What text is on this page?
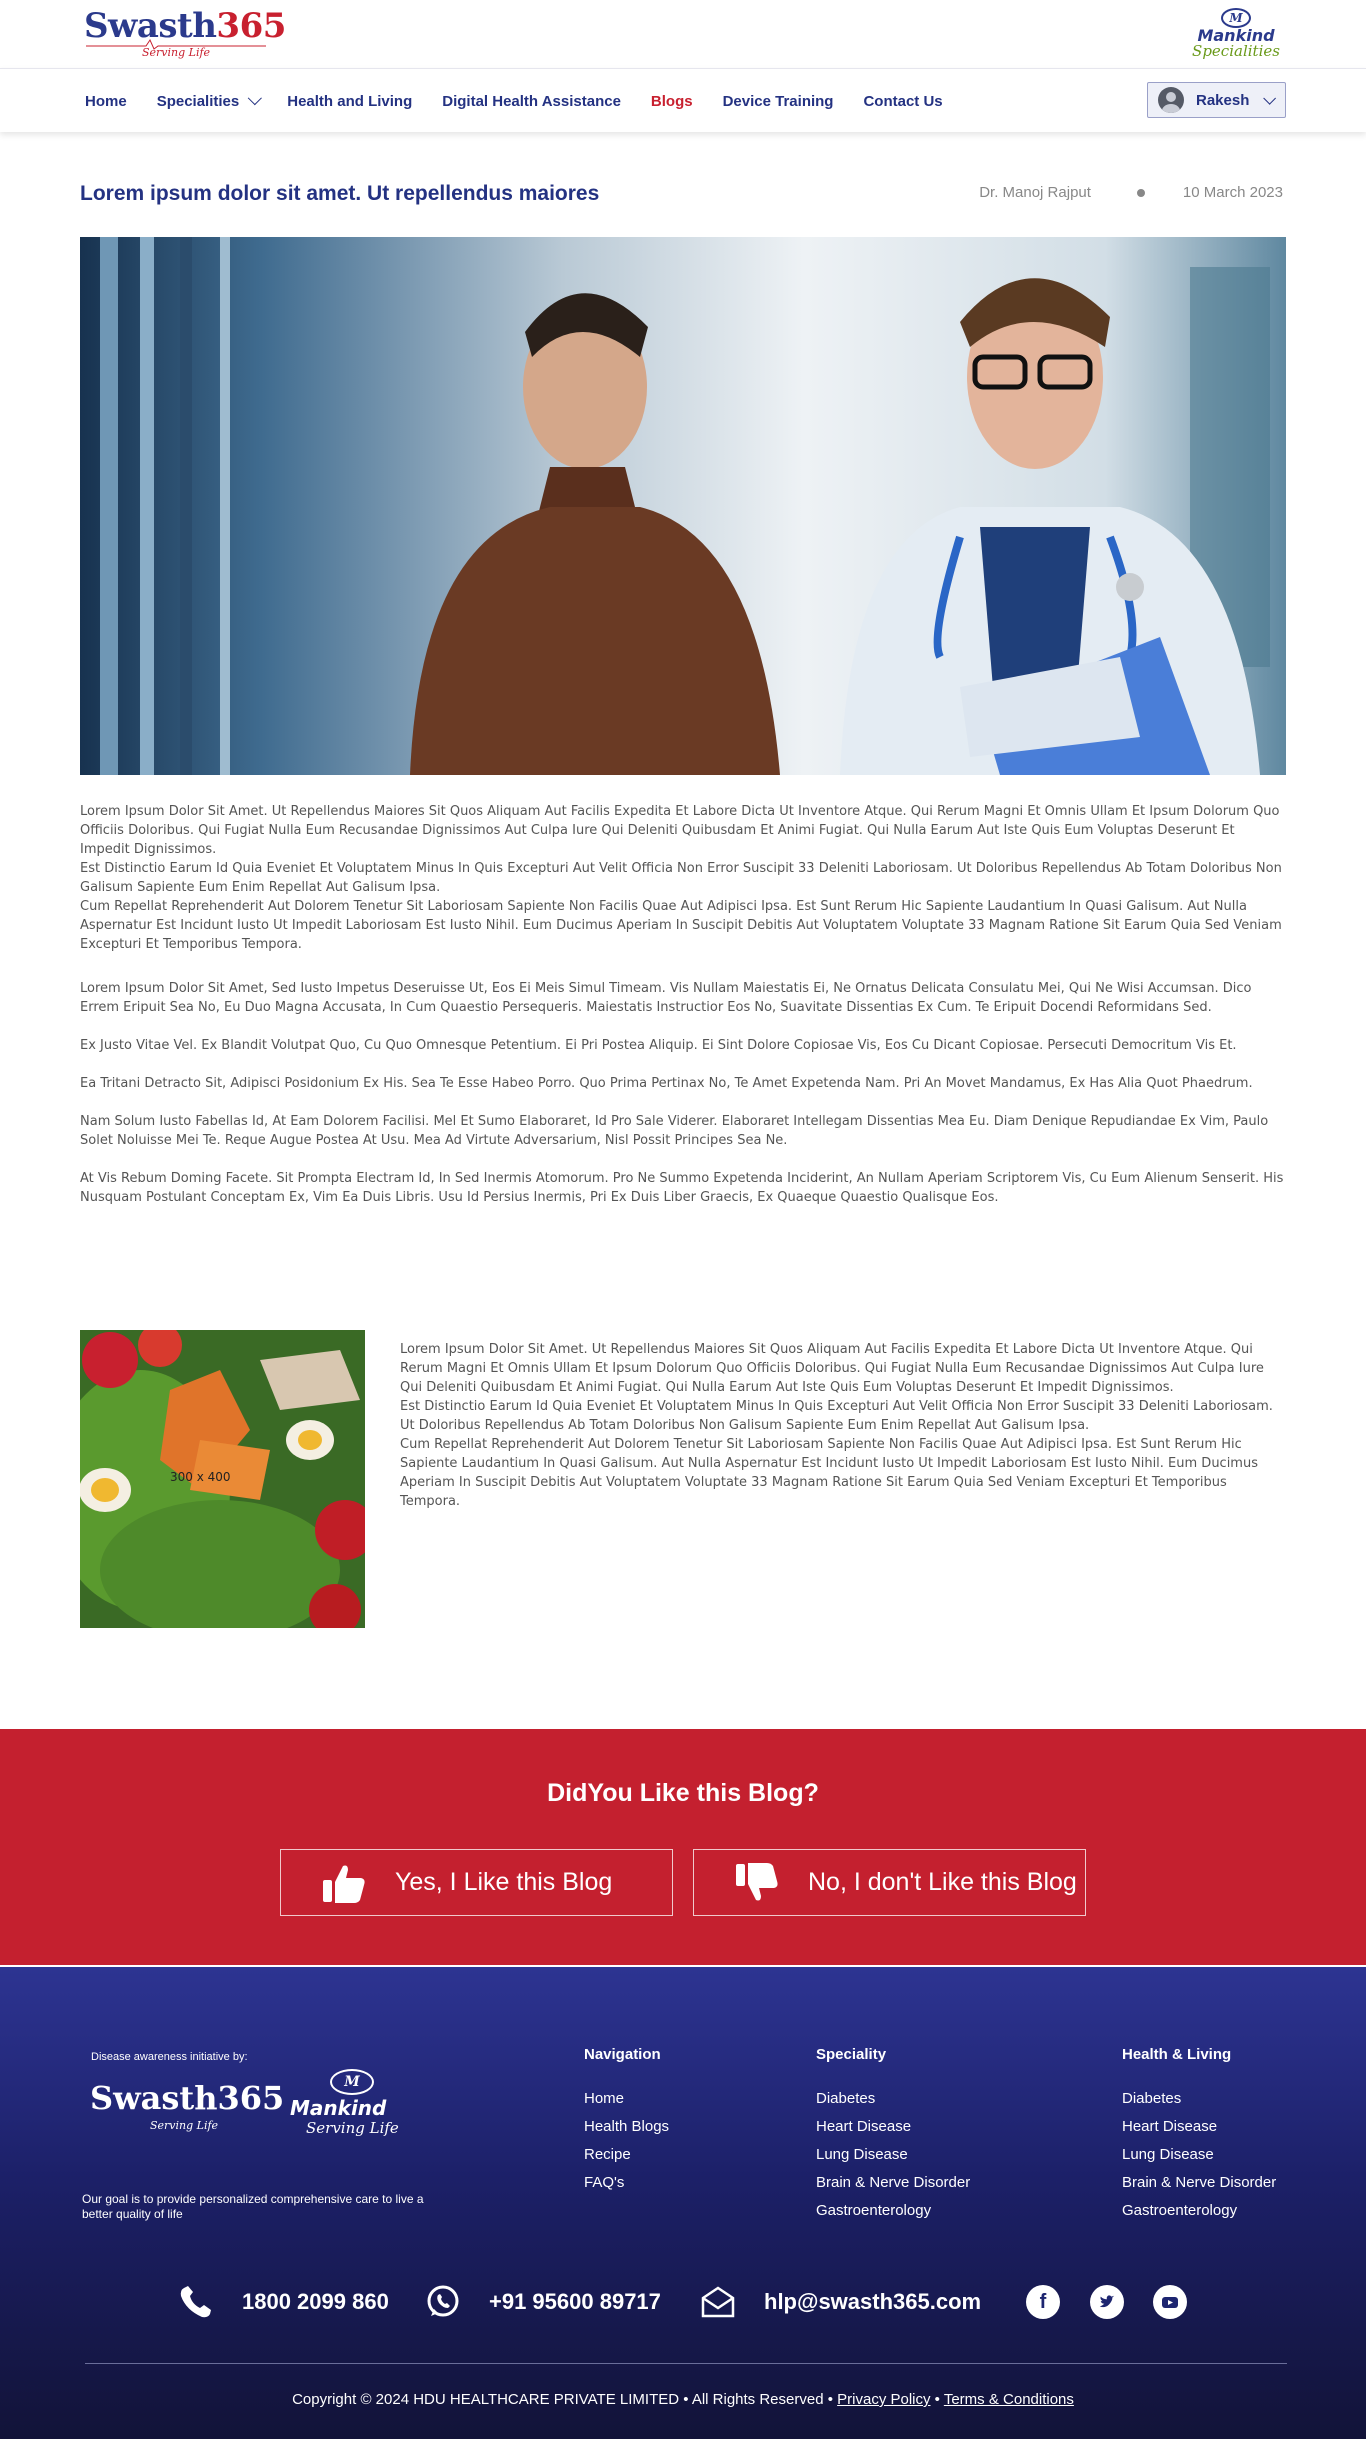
Swasth365
Serving Life
M
Mankind
Specialities
Home Specialities	Health and Living Digital Health Assistance Blogs Device Training Contact Us	Rakesh
Lorem ipsum dolor sit amet. Ut repellendus maiores	Dr. Manoj Rajput	10 March 2023

Lorem Ipsum Dolor Sit Amet. Ut Repellendus Maiores Sit Quos Aliquam Aut Facilis Expedita Et Labore Dicta Ut Inventore Atque. Qui Rerum Magni Et Omnis Ullam Et Ipsum Dolorum Quo Officiis Doloribus. Qui Fugiat Nulla Eum Recusandae Dignissimos Aut Culpa Iure Qui Deleniti Quibusdam Et Animi Fugiat. Qui Nulla Earum Aut Iste Quis Eum Voluptas Deserunt Et Impedit Dignissimos.

Est Distinctio Earum Id Quia Eveniet Et Voluptatem Minus In Quis Excepturi Aut Velit Officia Non Error Suscipit 33 Deleniti Laboriosam. Ut Doloribus Repellendus Ab Totam Doloribus Non Galisum Sapiente Eum Enim Repellat Aut Galisum Ipsa.

Cum Repellat Reprehenderit Aut Dolorem Tenetur Sit Laboriosam Sapiente Non Facilis Quae Aut Adipisci Ipsa. Est Sunt Rerum Hic Sapiente Laudantium In Quasi Galisum. Aut Nulla Aspernatur Est Incidunt Iusto Ut Impedit Laboriosam Est Iusto Nihil. Eum Ducimus Aperiam In Suscipit Debitis Aut Voluptatem Voluptate 33 Magnam Ratione Sit Earum Quia Sed Veniam Excepturi Et Temporibus Tempora.

Lorem Ipsum Dolor Sit Amet, Sed Iusto Impetus Deseruisse Ut, Eos Ei Meis Simul Timeam. Vis Nullam Maiestatis Ei, Ne Ornatus Delicata Consulatu Mei, Qui Ne Wisi Accumsan. Dico Errem Eripuit Sea No, Eu Duo Magna Accusata, In Cum Quaestio Persequeris. Maiestatis Instructior Eos No, Suavitate Dissentias Ex Cum. Te Eripuit Docendi Reformidans Sed.

Ex Justo Vitae Vel. Ex Blandit Volutpat Quo, Cu Quo Omnesque Petentium. Ei Pri Postea Aliquip. Ei Sint Dolore Copiosae Vis, Eos Cu Dicant Copiosae. Persecuti Democritum Vis Et.

Ea Tritani Detracto Sit, Adipisci Posidonium Ex His. Sea Te Esse Habeo Porro. Quo Prima Pertinax No, Te Amet Expetenda Nam. Pri An Movet Mandamus, Ex Has Alia Quot Phaedrum.

Nam Solum Iusto Fabellas Id, At Eam Dolorem Facilisi. Mel Et Sumo Elaboraret, Id Pro Sale Viderer. Elaboraret Intellegam Dissentias Mea Eu. Diam Denique Repudiandae Ex Vim, Paulo Solet Noluisse Mei Te. Reque Augue Postea At Usu. Mea Ad Virtute Adversarium, Nisl Possit Principes Sea Ne.

At Vis Rebum Doming Facete. Sit Prompta Electram Id, In Sed Inermis Atomorum. Pro Ne Summo Expetenda Inciderint, An Nullam Aperiam Scriptorem Vis, Cu Eum Alienum Senserit. His Nusquam Postulant Conceptam Ex, Vim Ea Duis Libris. Usu Id Persius Inermis, Pri Ex Duis Liber Graecis, Ex Quaeque Quaestio Qualisque Eos.

300 x 400

Lorem Ipsum Dolor Sit Amet. Ut Repellendus Maiores Sit Quos Aliquam Aut Facilis Expedita Et Labore Dicta Ut Inventore Atque. Qui Rerum Magni Et Omnis Ullam Et Ipsum Dolorum Quo Officiis Doloribus. Qui Fugiat Nulla Eum Recusandae Dignissimos Aut Culpa Iure Qui Deleniti Quibusdam Et Animi Fugiat. Qui Nulla Earum Aut Iste Quis Eum Voluptas Deserunt Et Impedit Dignissimos.

Est Distinctio Earum Id Quia Eveniet Et Voluptatem Minus In Quis Excepturi Aut Velit Officia Non Error Suscipit 33 Deleniti Laboriosam. Ut Doloribus Repellendus Ab Totam Doloribus Non Galisum Sapiente Eum Enim Repellat Aut Galisum Ipsa.

Cum Repellat Reprehenderit Aut Dolorem Tenetur Sit Laboriosam Sapiente Non Facilis Quae Aut Adipisci Ipsa. Est Sunt Rerum Hic Sapiente Laudantium In Quasi Galisum. Aut Nulla Aspernatur Est Incidunt Iusto Ut Impedit Laboriosam Est Iusto Nihil. Eum Ducimus Aperiam In Suscipit Debitis Aut Voluptatem Voluptate 33 Magnam Ratione Sit Earum Quia Sed Veniam Excepturi Et Temporibus Tempora.

DidYou Like this Blog?
Yes, I Like this Blog	No, I don't Like this Blog
Disease awareness initiative by:
Swasth365
Serving Life
M
Mankind
Serving Life
Our goal is to provide personalized comprehensive care to live a better quality of life
Navigation
Home
Health Blogs
Recipe
FAQ's
Speciality
Diabetes
Heart Disease
Lung Disease
Brain & Nerve Disorder
Gastroenterology
Health & Living
Diabetes
Heart Disease
Lung Disease
Brain & Nerve Disorder
Gastroenterology
1800 2099 860	+91 95600 89717	hlp@swasth365.com	f
Copyright © 2024 HDU HEALTHCARE PRIVATE LIMITED • All Rights Reserved • Privacy Policy • Terms & Conditions
